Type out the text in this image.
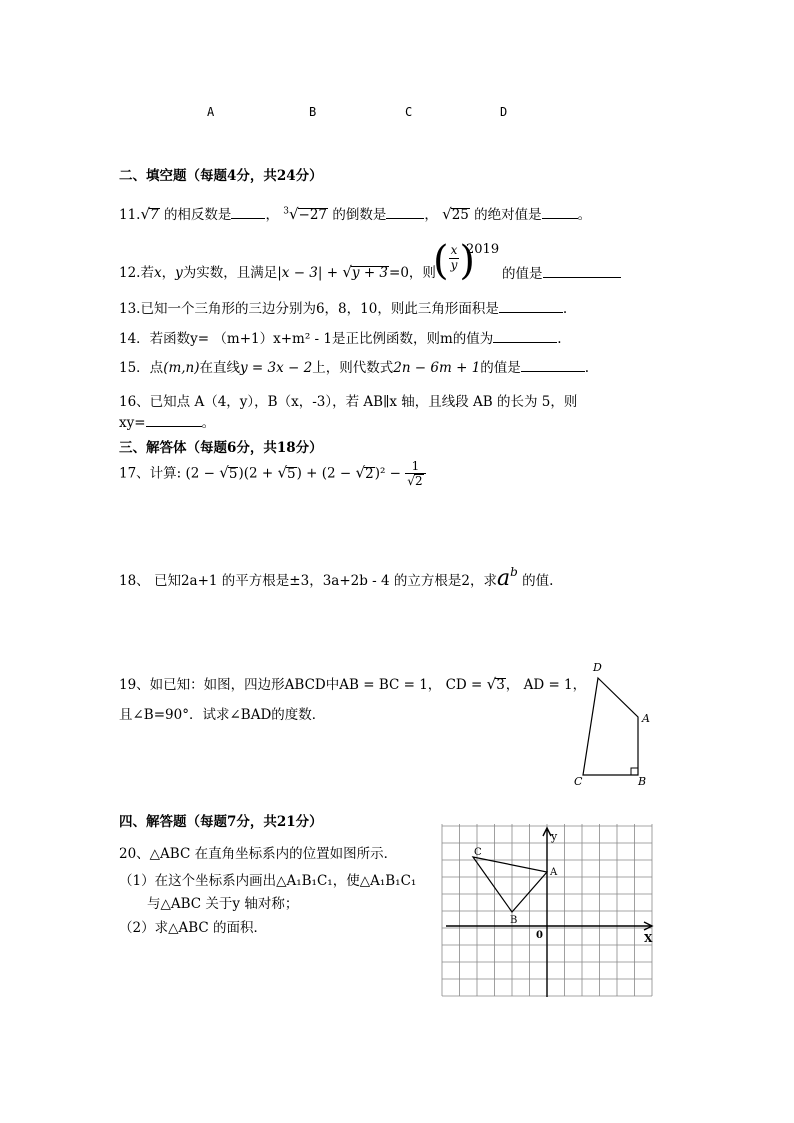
A	B	C	D
二、填空题（每题4分，共24分）
11.√7 的相反数是	， $^3$√−27 的倒数是	， √25 的绝对值是	。
12.若x，y为实数，且满足|x − 3| + √y + 3=0，则
( $\frac{x}{y}$ )
2019
的值是
13.已知一个三角形的三边分别为6，8，10，则此三角形面积是	.
14．若函数y= （m+1）x+m² - 1是正比例函数，则m的值为	.
15．点(m,n)在直线y = 3x − 2上，则代数式2n − 6m + 1的值是	.
16、已知点 A（4，y），B（x，-3），若 AB∥x 轴，且线段 AB 的长为 5，则
xy=	。
三、解答体（每题6分，共18分）
17、计算: $(2 - √5)(2 + √5) + (2 - √2)^2 - \frac{1}{√2}$
18、 已知2a+1 的平方根是±3，3a+2b - 4 的立方根是2，求$a^b$ 的值.
19、如已知：如图，四边形ABCD中AB = BC = 1， CD = √3， AD = 1，
且∠B=90°．试求∠BAD的度数．
D
A
C	B
四、解答题（每题7分，共21分）
20、△ABC 在直角坐标系内的位置如图所示．
（1）在这个坐标系内画出△A₁B₁C₁，使△A₁B₁C₁
与△ABC 关于y 轴对称；
（2）求△ABC 的面积．
y
X
0
A
B
C
